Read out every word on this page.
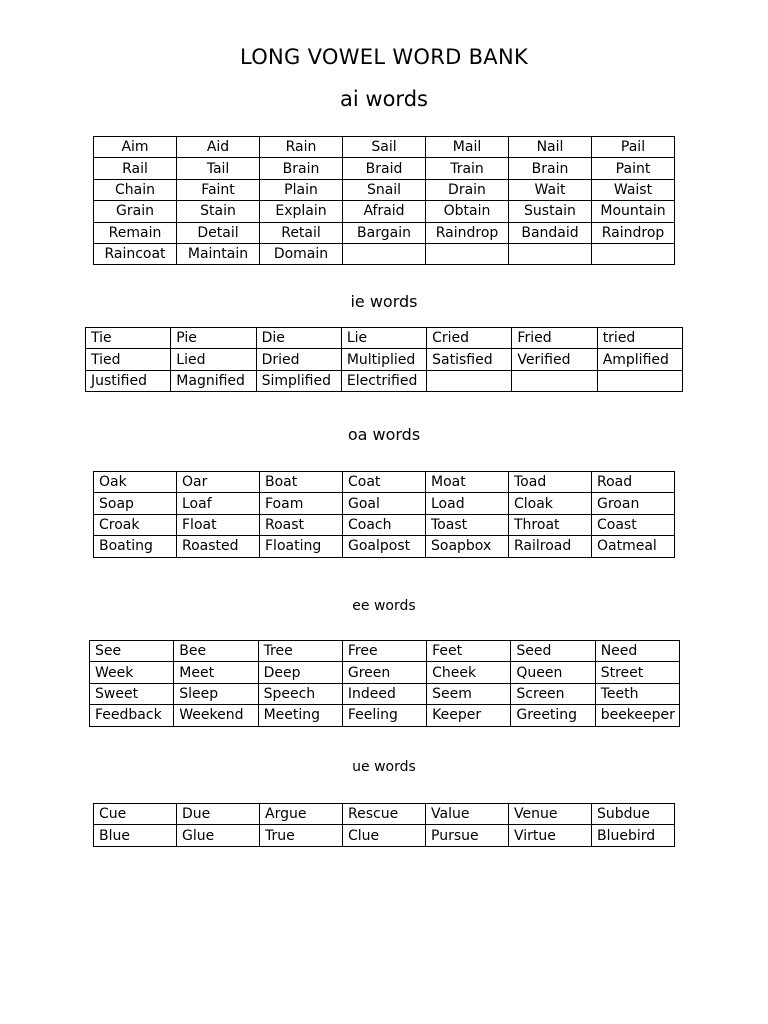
LONG VOWEL WORD BANK
ai words
Aim	Aid	Rain	Sail	Mail	Nail	Pail
Rail	Tail	Brain	Braid	Train	Brain	Paint
Chain	Faint	Plain	Snail	Drain	Wait	Waist
Grain	Stain	Explain	Afraid	Obtain	Sustain	Mountain
Remain	Detail	Retail	Bargain	Raindrop	Bandaid	Raindrop
Raincoat	Maintain	Domain				
ie words
Tie	Pie	Die	Lie	Cried	Fried	tried
Tied	Lied	Dried	Multiplied	Satisfied	Verified	Amplified
Justified	Magnified	Simplified	Electrified			
oa words
Oak	Oar	Boat	Coat	Moat	Toad	Road
Soap	Loaf	Foam	Goal	Load	Cloak	Groan
Croak	Float	Roast	Coach	Toast	Throat	Coast
Boating	Roasted	Floating	Goalpost	Soapbox	Railroad	Oatmeal
ee words
See	Bee	Tree	Free	Feet	Seed	Need
Week	Meet	Deep	Green	Cheek	Queen	Street
Sweet	Sleep	Speech	Indeed	Seem	Screen	Teeth
Feedback	Weekend	Meeting	Feeling	Keeper	Greeting	beekeeper
ue words
Cue	Due	Argue	Rescue	Value	Venue	Subdue
Blue	Glue	True	Clue	Pursue	Virtue	Bluebird
